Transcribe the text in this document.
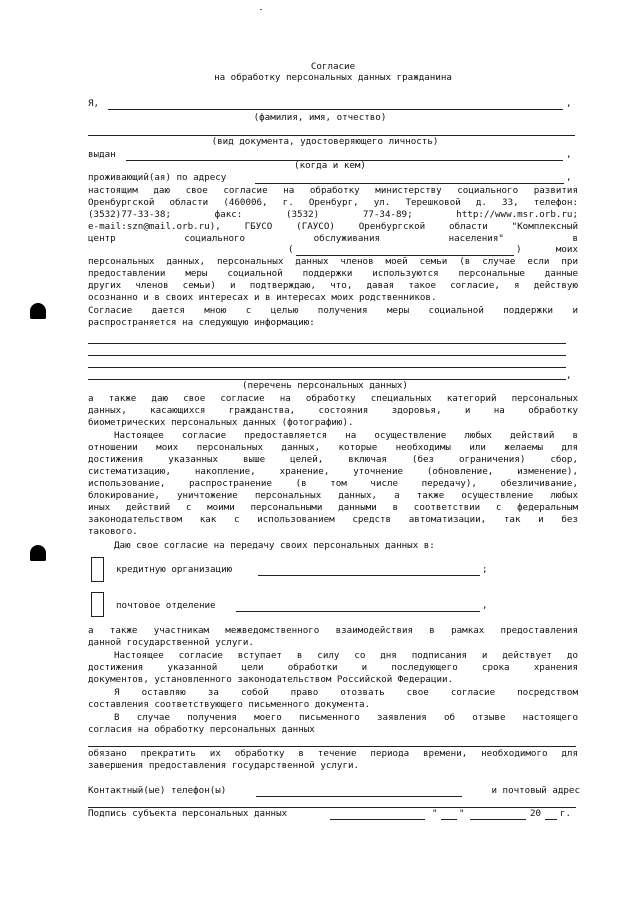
Согласие
на обработку персональных данных гражданина
Я,	,
(фамилия, имя, отчество)
(вид документа, удостоверяющего личность)
выдан	,
(когда и кем)
проживающий(ая) по адресу	,
настоящим даю свое согласие на обработку министерству социального развития
Оренбургской области (460006, г. Оренбург, ул. Терешковой д. 33, телефон:
(3532)77-33-38; факс: (3532) 77-34-89; http://www.msr.orb.ru;
e-mail:szn@mail.orb.ru), ГБУСО (ГАУСО) Оренбургской области "Комплексный
центр социального обслуживания населения" в
(	)	моих
персональных данных, персональных данных членов моей семьи (в случае если при
предоставлении меры социальной поддержки используются персональные данные
других членов семьи) и подтверждаю, что, давая такое согласие, я действую
осознанно и в своих интересах и в интересах моих родственников.
Согласие дается мною с целью получения меры социальной поддержки и
распространяется на следующую информацию:
,
(перечень персональных данных)
а также даю свое согласие на обработку специальных категорий персональных
данных, касающихся гражданства, состояния здоровья, и на обработку
биометрических персональных данных (фотографию).
Настоящее согласие предоставляется на осуществление любых действий в
отношении моих персональных данных, которые необходимы или желаемы для
достижения указанных выше целей, включая (без ограничения) сбор,
систематизацию, накопление, хранение, уточнение (обновление, изменение),
использование, распространение (в том числе передачу), обезличивание,
блокирование, уничтожение персональных данных, а также осуществление любых
иных действий с моими персональными данными в соответствии с федеральным
законодательством как с использованием средств автоматизации, так и без
такового.
Даю свое согласие на передачу своих персональных данных в:
кредитную организацию	;
почтовое отделение	,
а также участникам межведомственного взаимодействия в рамках предоставления
данной государственной услуги.
Настоящее согласие вступает в силу со дня подписания и действует до
достижения указанной цели обработки и последующего срока хранения
документов, установленного законодательством Российской Федерации.
Я оставляю за собой право отозвать свое согласие посредством
составления соответствующего письменного документа.
В случае получения моего письменного заявления об отзыве настоящего
согласия на обработку персональных данных
обязано прекратить их обработку в течение периода времени, необходимого для
завершения предоставления государственной услуги.
Контактный(ые) телефон(ы)	и почтовый адрес
Подпись субъекта персональных данных	" "	20	г.
